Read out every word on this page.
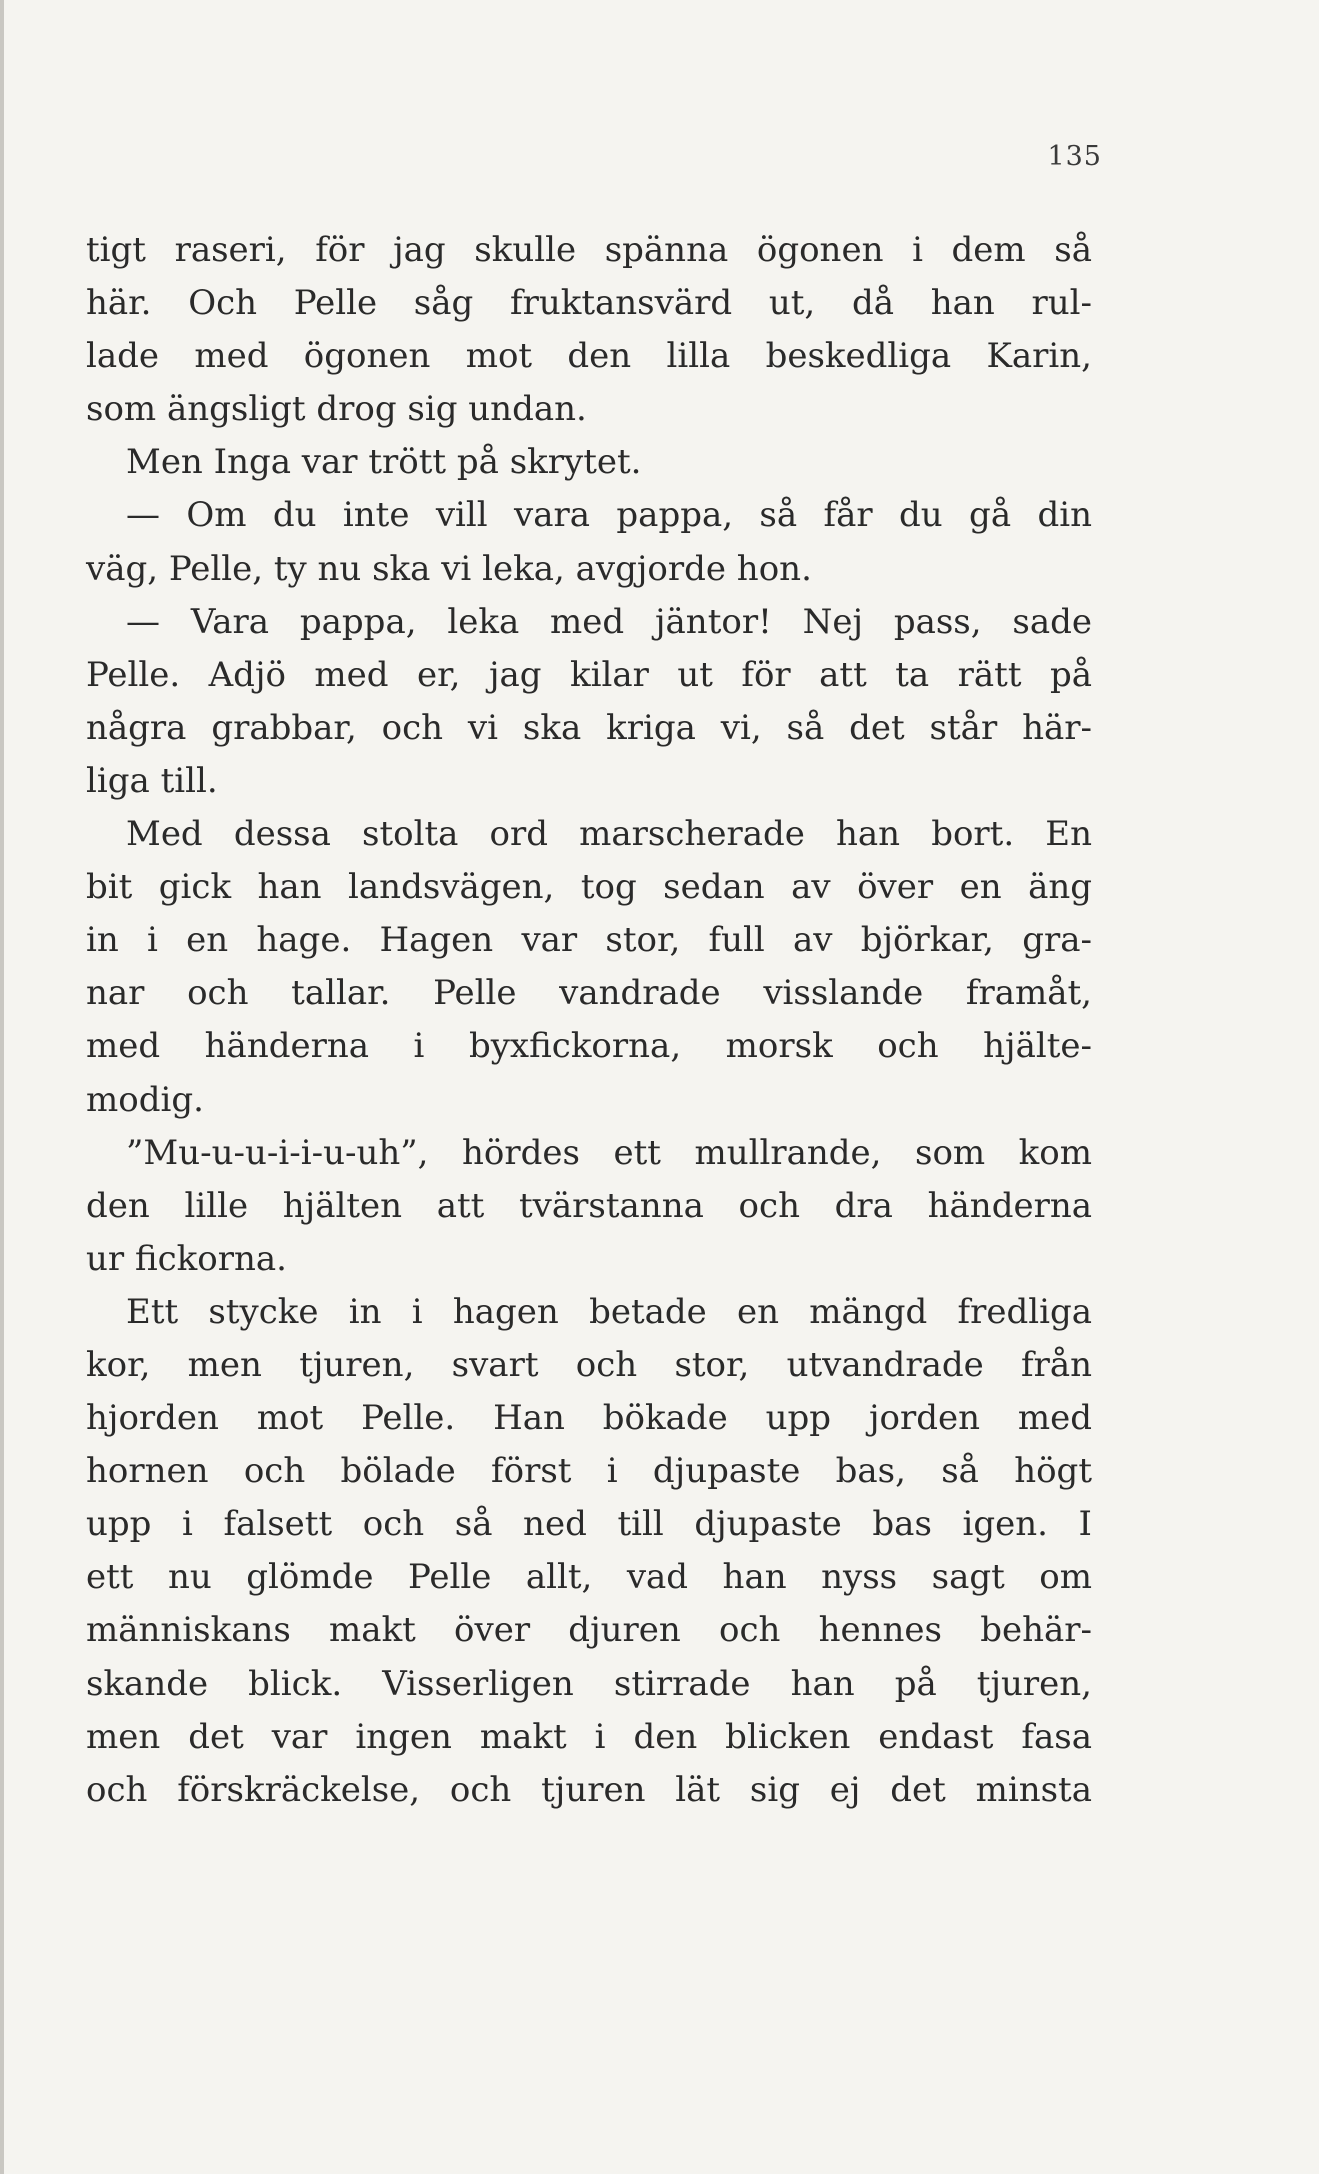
135
tigt raseri, för jag skulle spänna ögonen i dem så
här. Och Pelle såg fruktansvärd ut, då han rul-
lade med ögonen mot den lilla beskedliga Karin,
som ängsligt drog sig undan.
Men Inga var trött på skrytet.
— Om du inte vill vara pappa, så får du gå din
väg, Pelle, ty nu ska vi leka, avgjorde hon.
— Vara pappa, leka med jäntor! Nej pass, sade
Pelle. Adjö med er, jag kilar ut för att ta rätt på
några grabbar, och vi ska kriga vi, så det står här-
liga till.
Med dessa stolta ord marscherade han bort. En
bit gick han landsvägen, tog sedan av över en äng
in i en hage. Hagen var stor, full av björkar, gra-
nar och tallar. Pelle vandrade visslande framåt,
med händerna i byxfickorna, morsk och hjälte-
modig.
”Mu-u-u-i-i-u-uh”, hördes ett mullrande, som kom
den lille hjälten att tvärstanna och dra händerna
ur fickorna.
Ett stycke in i hagen betade en mängd fredliga
kor, men tjuren, svart och stor, utvandrade från
hjorden mot Pelle. Han bökade upp jorden med
hornen och bölade först i djupaste bas, så högt
upp i falsett och så ned till djupaste bas igen. I
ett nu glömde Pelle allt, vad han nyss sagt om
människans makt över djuren och hennes behär-
skande blick. Visserligen stirrade han på tjuren,
men det var ingen makt i den blicken endast fasa
och förskräckelse, och tjuren lät sig ej det minsta
